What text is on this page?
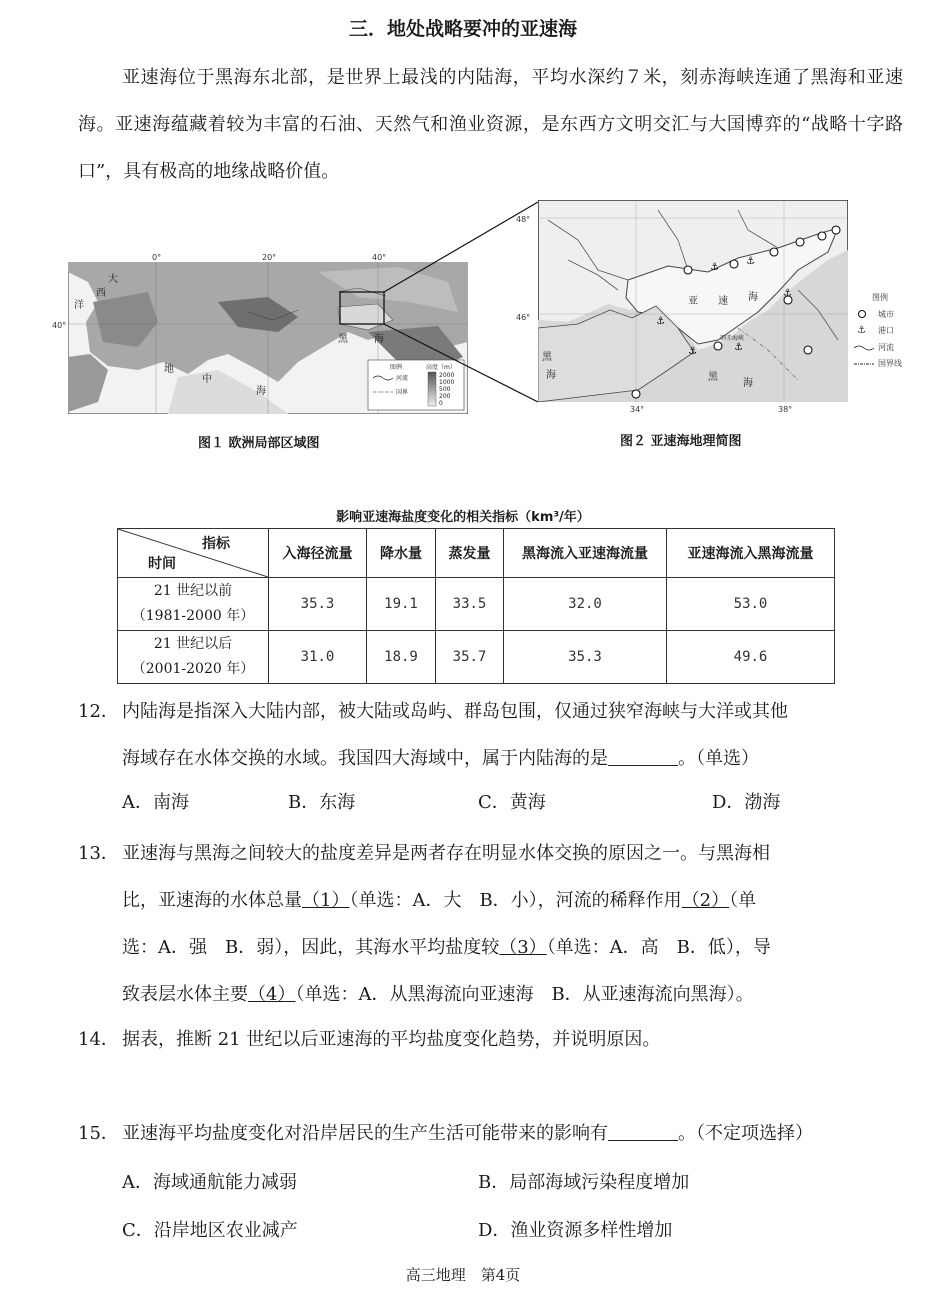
三．地处战略要冲的亚速海
亚速海位于黑海东北部，是世界上最浅的内陆海，平均水深约７米，刻赤海峡连通了黑海和亚速海。亚速海蕴藏着较为丰富的石油、天然气和渔业资源，是东西方文明交汇与大国博弈的“战略十字路口”，具有极高的地缘战略价值。
大
西
洋
地
中
海
黑	海
图例
河流
国界
高度（m）
2000
1000
500
200
0
0°	20°	40°
40°
⚓
⚓
⚓
⚓	⚓
⚓
亚 速 海
黑
海	黑
海
刻赤海峡
48°
46°
34°	38°
图例
城市
⚓ 港口
河流
国界线
图１ 欧洲局部区域图	图２ 亚速海地理简图
影响亚速海盐度变化的相关指标（km³/年）
指标
时间	入海径流量	降水量	蒸发量	黑海流入亚速海流量	亚速海流入黑海流量
21 世纪以前
（1981-2000 年）	35.3	19.1	33.5	32.0	53.0
21 世纪以后
（2001-2020 年）	31.0	18.9	35.7	35.3	49.6
12． 内陆海是指深入大陆内部，被大陆或岛屿、群岛包围，仅通过狭窄海峡与大洋或其他
海域存在水体交换的水域。我国四大海域中，属于内陆海的是	。（单选）
A．南海	B．东海	C．黄海	D．渤海
13． 亚速海与黑海之间较大的盐度差异是两者存在明显水体交换的原因之一。与黑海相
比，亚速海的水体总量（1）（单选：A．大　B．小），河流的稀释作用（2）（单
选：A．强　B．弱），因此，其海水平均盐度较（3）（单选：A．高　B．低），导
致表层水体主要（4）（单选：A．从黑海流向亚速海　B．从亚速海流向黑海）。
14． 据表，推断 21 世纪以后亚速海的平均盐度变化趋势，并说明原因。
15． 亚速海平均盐度变化对沿岸居民的生产生活可能带来的影响有	。（不定项选择）
A．海域通航能力减弱	B．局部海域污染程度增加
C．沿岸地区农业减产	D．渔业资源多样性增加
高三地理　第4页
